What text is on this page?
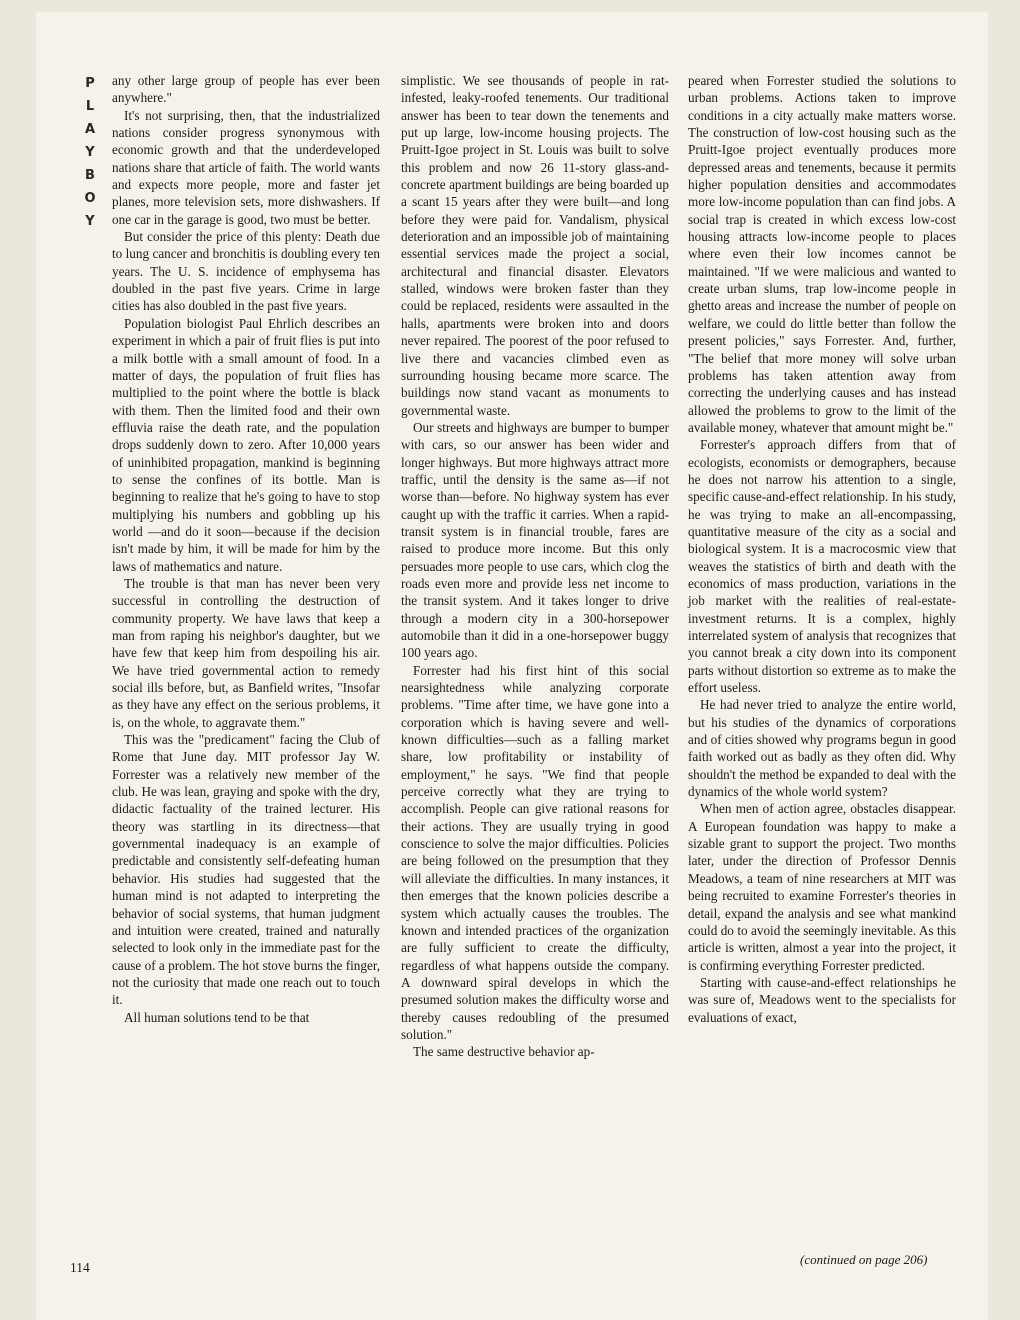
P
L
A
Y
B
O
Y

any other large group of people has ever been anywhere."

It's not surprising, then, that the industrialized nations consider progress synonymous with economic growth and that the underdeveloped nations share that article of faith. The world wants and expects more people, more and faster jet planes, more television sets, more dishwashers. If one car in the garage is good, two must be better.

But consider the price of this plenty: Death due to lung cancer and bronchitis is doubling every ten years. The U. S. incidence of emphysema has doubled in the past five years. Crime in large cities has also doubled in the past five years.

Population biologist Paul Ehrlich describes an experiment in which a pair of fruit flies is put into a milk bottle with a small amount of food. In a matter of days, the population of fruit flies has multiplied to the point where the bottle is black with them. Then the limited food and their own effluvia raise the death rate, and the population drops suddenly down to zero. After 10,000 years of uninhibited propagation, mankind is beginning to sense the confines of its bottle. Man is beginning to realize that he's going to have to stop multiplying his numbers and gobbling up his world —and do it soon—because if the decision isn't made by him, it will be made for him by the laws of mathematics and nature.

The trouble is that man has never been very successful in controlling the destruction of community property. We have laws that keep a man from raping his neighbor's daughter, but we have few that keep him from despoiling his air. We have tried governmental action to remedy social ills before, but, as Banfield writes, "Insofar as they have any effect on the serious problems, it is, on the whole, to aggravate them."

This was the "predicament" facing the Club of Rome that June day. MIT professor Jay W. Forrester was a relatively new member of the club. He was lean, graying and spoke with the dry, didactic factuality of the trained lecturer. His theory was startling in its directness—that governmental inadequacy is an example of predictable and consistently self-defeating human behavior. His studies had suggested that the human mind is not adapted to interpreting the behavior of social systems, that human judgment and intuition were created, trained and naturally selected to look only in the immediate past for the cause of a problem. The hot stove burns the finger, not the curiosity that made one reach out to touch it.

All human solutions tend to be that

simplistic. We see thousands of people in rat-infested, leaky-roofed tenements. Our traditional answer has been to tear down the tenements and put up large, low-income housing projects. The Pruitt-Igoe project in St. Louis was built to solve this problem and now 26 11-story glass-and-concrete apartment buildings are being boarded up a scant 15 years after they were built—and long before they were paid for. Vandalism, physical deterioration and an impossible job of maintaining essential services made the project a social, architectural and financial disaster. Elevators stalled, windows were broken faster than they could be replaced, residents were assaulted in the halls, apartments were broken into and doors never repaired. The poorest of the poor refused to live there and vacancies climbed even as surrounding housing became more scarce. The buildings now stand vacant as monuments to governmental waste.

Our streets and highways are bumper to bumper with cars, so our answer has been wider and longer highways. But more highways attract more traffic, until the density is the same as—if not worse than—before. No highway system has ever caught up with the traffic it carries. When a rapid-transit system is in financial trouble, fares are raised to produce more income. But this only persuades more people to use cars, which clog the roads even more and provide less net income to the transit system. And it takes longer to drive through a modern city in a 300-horsepower automobile than it did in a one-horsepower buggy 100 years ago.

Forrester had his first hint of this social nearsightedness while analyzing corporate problems. "Time after time, we have gone into a corporation which is having severe and well-known difficulties—such as a falling market share, low profitability or instability of employment," he says. "We find that people perceive correctly what they are trying to accomplish. People can give rational reasons for their actions. They are usually trying in good conscience to solve the major difficulties. Policies are being followed on the presumption that they will alleviate the difficulties. In many instances, it then emerges that the known policies describe a system which actually causes the troubles. The known and intended practices of the organization are fully sufficient to create the difficulty, regardless of what happens outside the company. A downward spiral develops in which the presumed solution makes the difficulty worse and thereby causes redoubling of the presumed solution."

The same destructive behavior ap-

peared when Forrester studied the solutions to urban problems. Actions taken to improve conditions in a city actually make matters worse. The construction of low-cost housing such as the Pruitt-Igoe project eventually produces more depressed areas and tenements, because it permits higher population densities and accommodates more low-income population than can find jobs. A social trap is created in which excess low-cost housing attracts low-income people to places where even their low incomes cannot be maintained. "If we were malicious and wanted to create urban slums, trap low-income people in ghetto areas and increase the number of people on welfare, we could do little better than follow the present policies," says Forrester. And, further, "The belief that more money will solve urban problems has taken attention away from correcting the underlying causes and has instead allowed the problems to grow to the limit of the available money, whatever that amount might be."

Forrester's approach differs from that of ecologists, economists or demographers, because he does not narrow his attention to a single, specific cause-and-effect relationship. In his study, he was trying to make an all-encompassing, quantitative measure of the city as a social and biological system. It is a macrocosmic view that weaves the statistics of birth and death with the economics of mass production, variations in the job market with the realities of real-estate-investment returns. It is a complex, highly interrelated system of analysis that recognizes that you cannot break a city down into its component parts without distortion so extreme as to make the effort useless.

He had never tried to analyze the entire world, but his studies of the dynamics of corporations and of cities showed why programs begun in good faith worked out as badly as they often did. Why shouldn't the method be expanded to deal with the dynamics of the whole world system?

When men of action agree, obstacles disappear. A European foundation was happy to make a sizable grant to support the project. Two months later, under the direction of Professor Dennis Meadows, a team of nine researchers at MIT was being recruited to examine Forrester's theories in detail, expand the analysis and see what mankind could do to avoid the seemingly inevitable. As this article is written, almost a year into the project, it is confirming everything Forrester predicted.

Starting with cause-and-effect relationships he was sure of, Meadows went to the specialists for evaluations of exact,

114
(continued on page 206)
